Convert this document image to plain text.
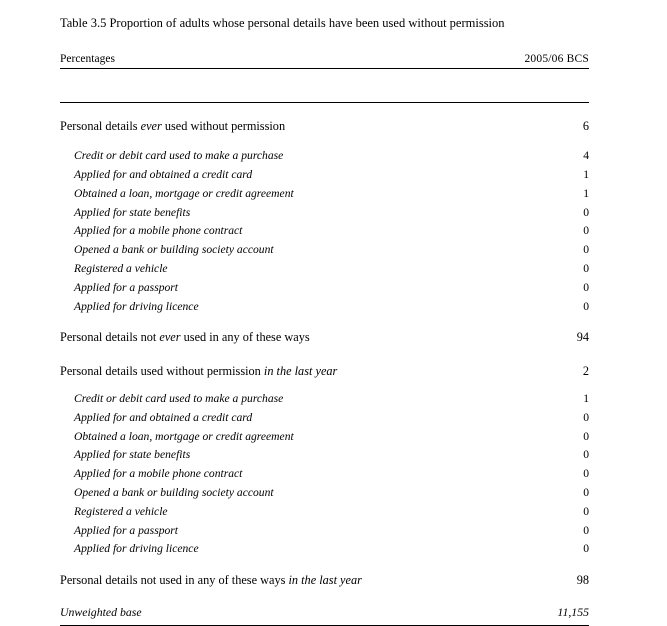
Table 3.5 Proportion of adults whose personal details have been used without permission
Percentages	2005/06 BCS
Personal details ever used without permission	6
Credit or debit card used to make a purchase	4
Applied for and obtained a credit card	1
Obtained a loan, mortgage or credit agreement	1
Applied for state benefits	0
Applied for a mobile phone contract	0
Opened a bank or building society account	0
Registered a vehicle	0
Applied for a passport	0
Applied for driving licence	0
Personal details not ever used in any of these ways	94
Personal details used without permission in the last year	2
Credit or debit card used to make a purchase	1
Applied for and obtained a credit card	0
Obtained a loan, mortgage or credit agreement	0
Applied for state benefits	0
Applied for a mobile phone contract	0
Opened a bank or building society account	0
Registered a vehicle	0
Applied for a passport	0
Applied for driving licence	0
Personal details not used in any of these ways in the last year	98
Unweighted base	11,155
